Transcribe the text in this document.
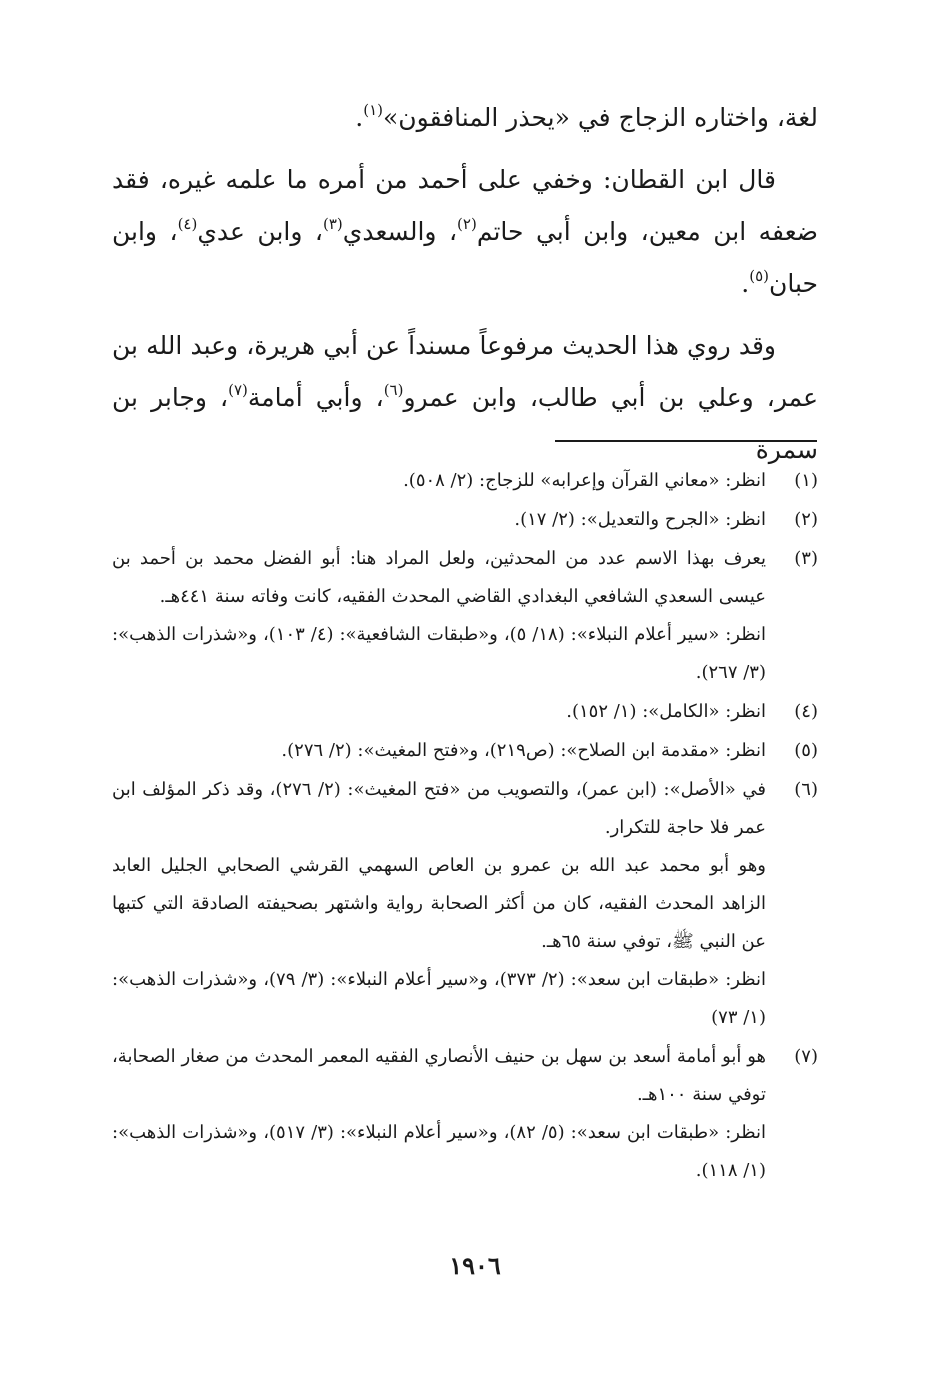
لغة، واختاره الزجاج في «يحذر المنافقون»$^{(١)}$.

قال ابن القطان: وخفي على أحمد من أمره ما علمه غيره، فقد ضعفه ابن معين، وابن أبي حاتم$^{(٢)}$، والسعدي$^{(٣)}$، وابن عدي$^{(٤)}$، وابن حبان$^{(٥)}$.

وقد روي هذا الحديث مرفوعاً مسنداً عن أبي هريرة، وعبد الله بن عمر، وعلي بن أبي طالب، وابن عمرو$^{(٦)}$، وأبي أمامة$^{(٧)}$، وجابر بن سمرة

(١)
انظر: «معاني القرآن وإعرابه» للزجاج: (٢/ ٥٠٨).
(٢)
انظر: «الجرح والتعديل»: (٢/ ١٧).
(٣)
يعرف بهذا الاسم عدد من المحدثين، ولعل المراد هنا: أبو الفضل محمد بن أحمد بن عيسى السعدي الشافعي البغدادي القاضي المحدث الفقيه، كانت وفاته سنة ٤٤١هـ.
انظر: «سير أعلام النبلاء»: (١٨/ ٥)، و«طبقات الشافعية»: (٤/ ١٠٣)، و«شذرات الذهب»: (٣/ ٢٦٧).
(٤)
انظر: «الكامل»: (١/ ١٥٢).
(٥)
انظر: «مقدمة ابن الصلاح»: (ص٢١٩)، و«فتح المغيث»: (٢/ ٢٧٦).
(٦)
في «الأصل»: (ابن عمر)، والتصويب من «فتح المغيث»: (٢/ ٢٧٦)، وقد ذكر المؤلف ابن عمر فلا حاجة للتكرار.
وهو أبو محمد عبد الله بن عمرو بن العاص السهمي القرشي الصحابي الجليل العابد الزاهد المحدث الفقيه، كان من أكثر الصحابة رواية واشتهر بصحيفته الصادقة التي كتبها عن النبي ﷺ، توفي سنة ٦٥هـ.
انظر: «طبقات ابن سعد»: (٢/ ٣٧٣)، و«سير أعلام النبلاء»: (٣/ ٧٩)، و«شذرات الذهب»: (١/ ٧٣)
(٧)
هو أبو أمامة أسعد بن سهل بن حنيف الأنصاري الفقيه المعمر المحدث من صغار الصحابة، توفي سنة ١٠٠هـ.
انظر: «طبقات ابن سعد»: (٥/ ٨٢)، و«سير أعلام النبلاء»: (٣/ ٥١٧)، و«شذرات الذهب»: (١/ ١١٨).
١٩٠٦
